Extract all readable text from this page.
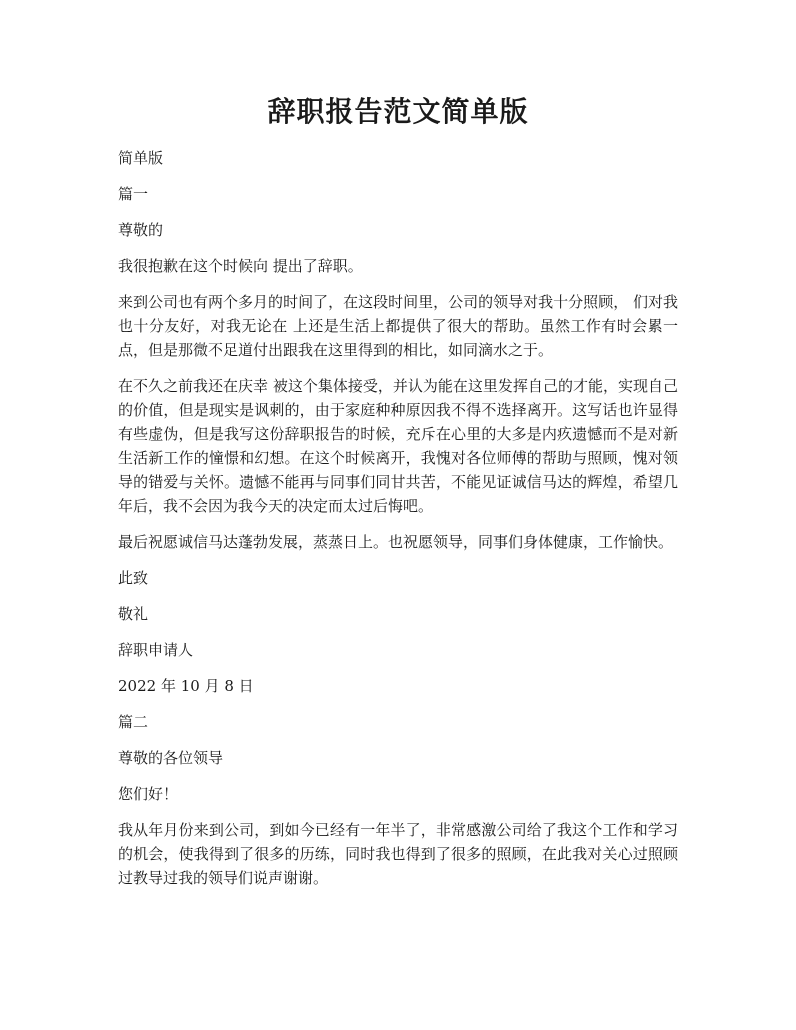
辞职报告范文简单版

简单版

篇一

尊敬的

我很抱歉在这个时候向 提出了辞职。

来到公司也有两个多月的时间了，在这段时间里，公司的领导对我十分照顾， 们对我也十分友好，对我无论在 上还是生活上都提供了很大的帮助。虽然工作有时会累一点，但是那微不足道付出跟我在这里得到的相比，如同滴水之于。

在不久之前我还在庆幸 被这个集体接受，并认为能在这里发挥自己的才能，实现自己的价值，但是现实是讽刺的，由于家庭种种原因我不得不选择离开。这写话也许显得有些虚伪，但是我写这份辞职报告的时候，充斥在心里的大多是内疚遗憾而不是对新生活新工作的憧憬和幻想。在这个时候离开，我愧对各位师傅的帮助与照顾，愧对领导的错爱与关怀。遗憾不能再与同事们同甘共苦，不能见证诚信马达的辉煌，希望几年后，我不会因为我今天的决定而太过后悔吧。

最后祝愿诚信马达蓬勃发展，蒸蒸日上。也祝愿领导，同事们身体健康，工作愉快。

此致

敬礼

辞职申请人

2022 年 10 月 8 日

篇二

尊敬的各位领导

您们好！

我从年月份来到公司，到如今已经有一年半了，非常感激公司给了我这个工作和学习的机会，使我得到了很多的历练，同时我也得到了很多的照顾，在此我对关心过照顾过教导过我的领导们说声谢谢。
